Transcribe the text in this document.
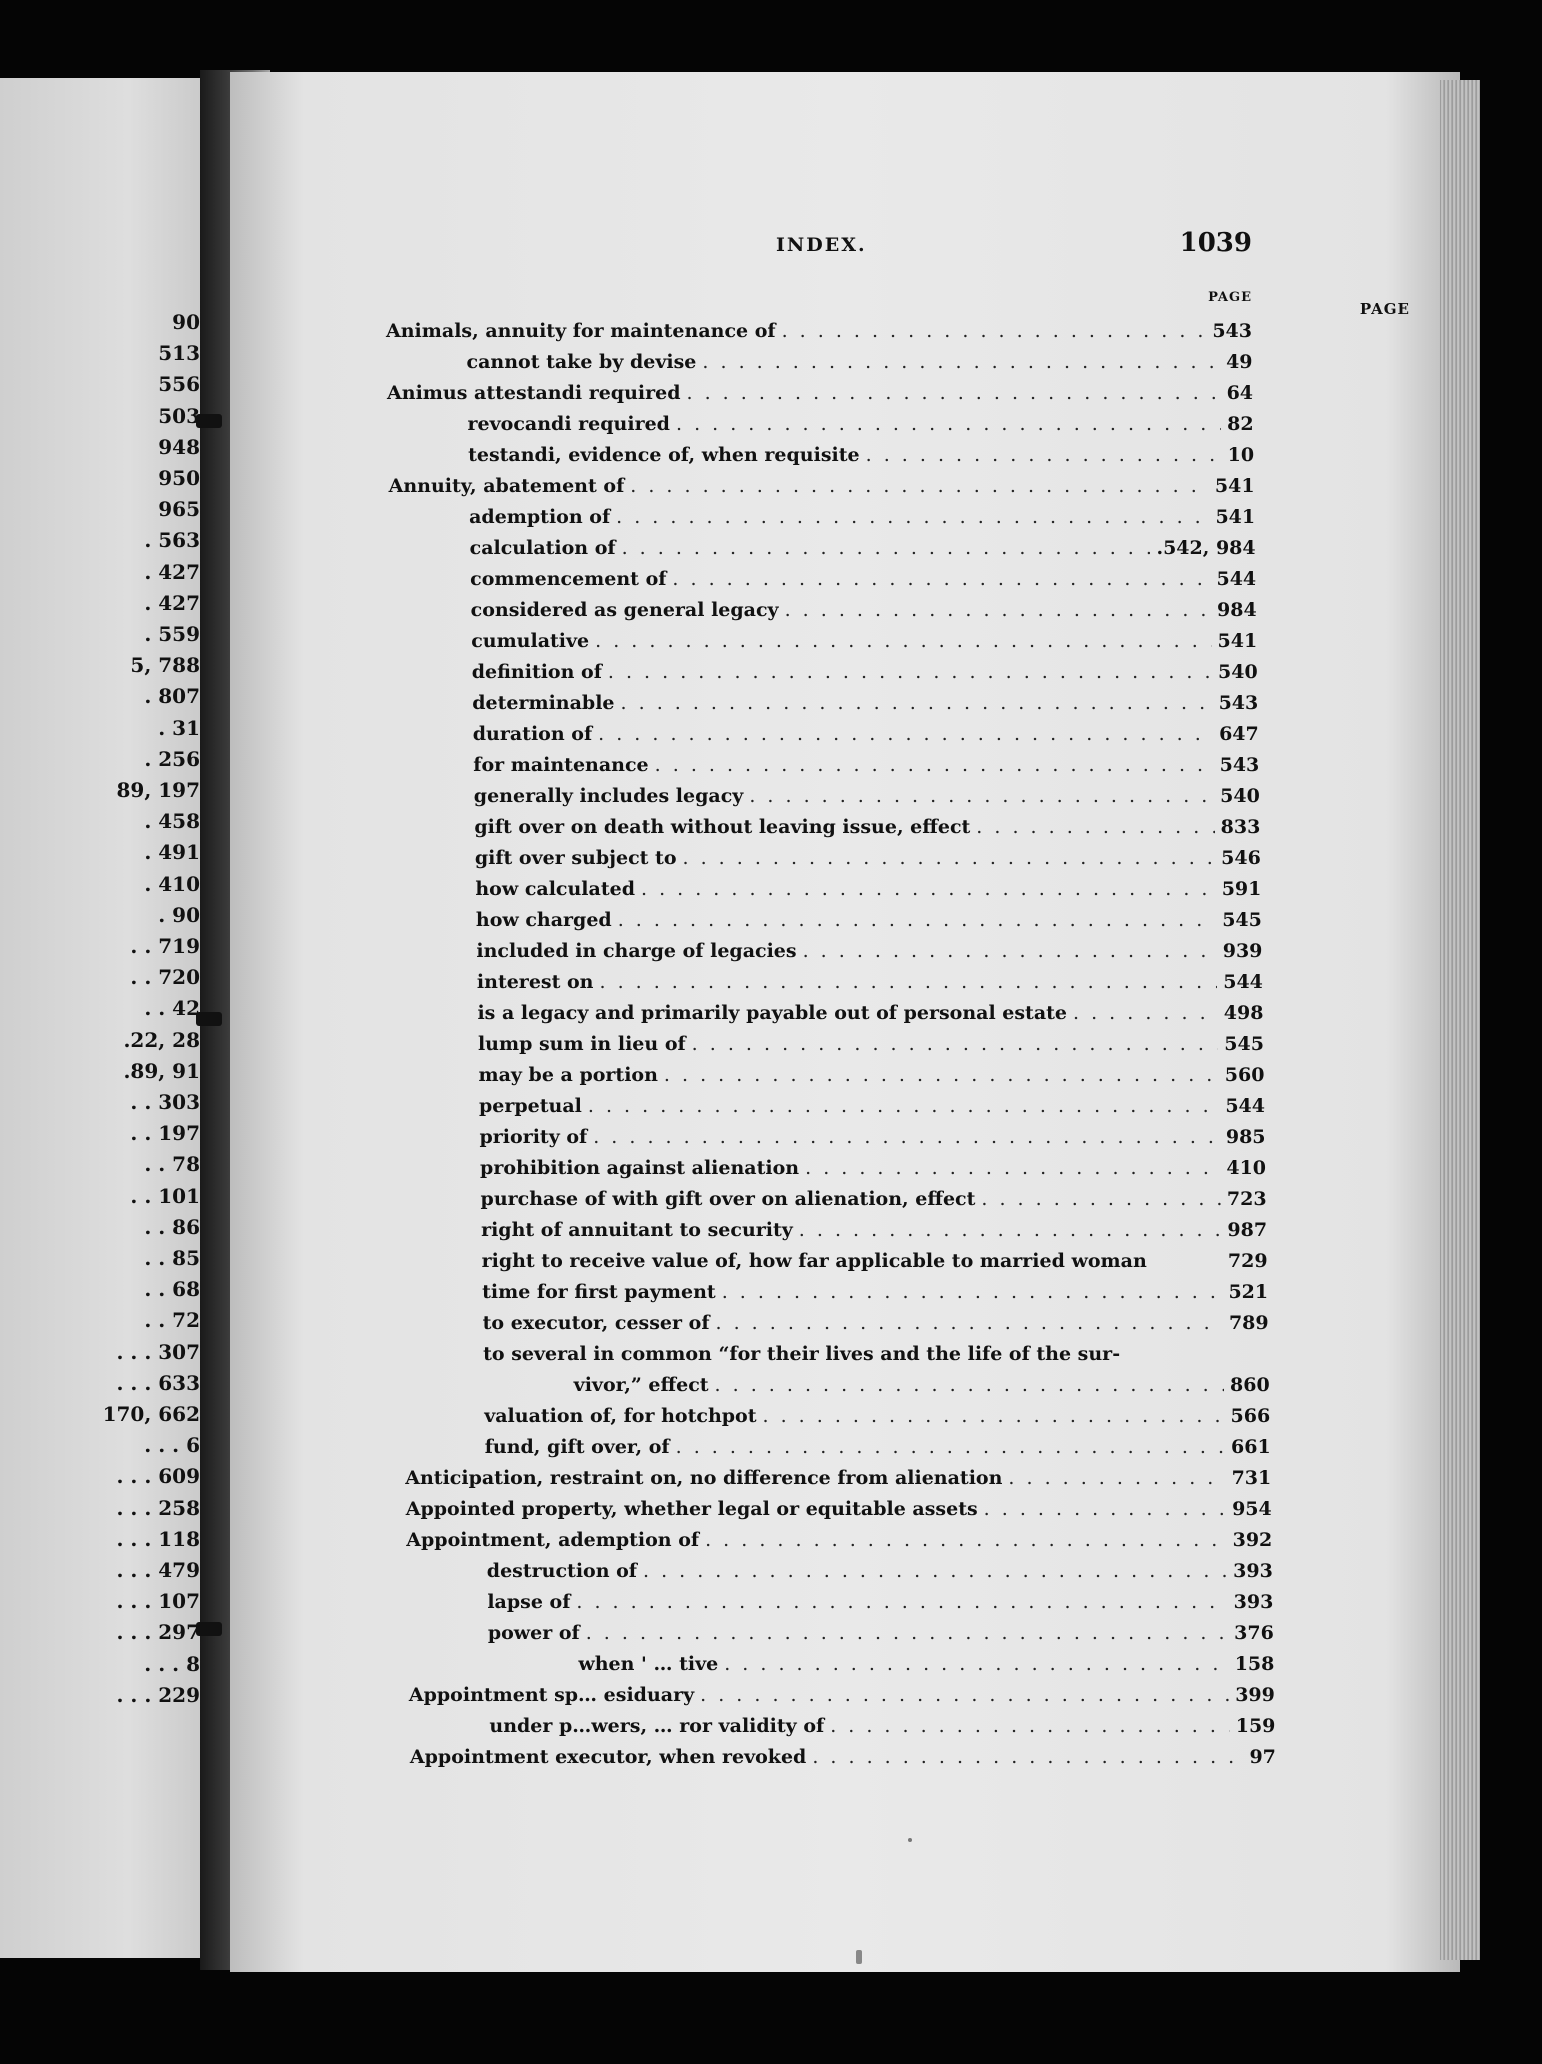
PAGE
90
513
556
503
948
950
965
. 563
. 427
. 427
. 559
5, 788
. 807
. 31
. 256
89, 197
. 458
. 491
. 410
. 90
. . 719
. . 720
. . 42
.22, 28
.89, 91
. . 303
. . 197
. . 78
. . 101
. . 86
. . 85
. . 68
. . 72
. . . 307
. . . 633
170, 662
. . . 6
. . . 609
. . . 258
. . . 118
. . . 479
. . . 107
. . . 297
. . . 8
. . . 229
INDEX.	1039
PAGE
Animals, annuity for maintenance of . . .	543
cannot take by devise . . .	49
Animus attestandi required . . .	64
revocandi required . . .	82
testandi, evidence of, when requisite . . .	10
Annuity, abatement of . . .	541
ademption of . . .	541
calculation of . . .	.542, 984
commencement of . . .	544
considered as general legacy . . .	984
cumulative . . .	541
definition of . . .	540
determinable . . .	543
duration of . . .	647
for maintenance . . .	543
generally includes legacy . . .	540
gift over on death without leaving issue, effect . . .	833
gift over subject to . . .	546
how calculated . . .	591
how charged . . .	545
included in charge of legacies . . .	939
interest on . . .	544
is a legacy and primarily payable out of personal estate . . .	498
lump sum in lieu of . . .	545
may be a portion . . .	560
perpetual . . .	544
priority of . . .	985
prohibition against alienation . . .	410
purchase of with gift over on alienation, effect . . .	723
right of annuitant to security . . .	987
right to receive value of, how far applicable to married woman	729
time for first payment . . .	521
to executor, cesser of . . .	789
to several in common “for their lives and the life of the sur-
vivor,” effect . . .	860
valuation of, for hotchpot . . .	566
fund, gift over, of . . .	661
Anticipation, restraint on, no difference from alienation . . .	731
Appointed property, whether legal or equitable assets . . .	954
Appointment, ademption of . . .	392
destruction of . . .	393
lapse of . . .	393
power of . . .	376
when ' … tive . . .	158
Appointment sp… esiduary . . .	399
under p…wers, … ror validity of . . .	159
Appointment executor, when revoked . . .	97
